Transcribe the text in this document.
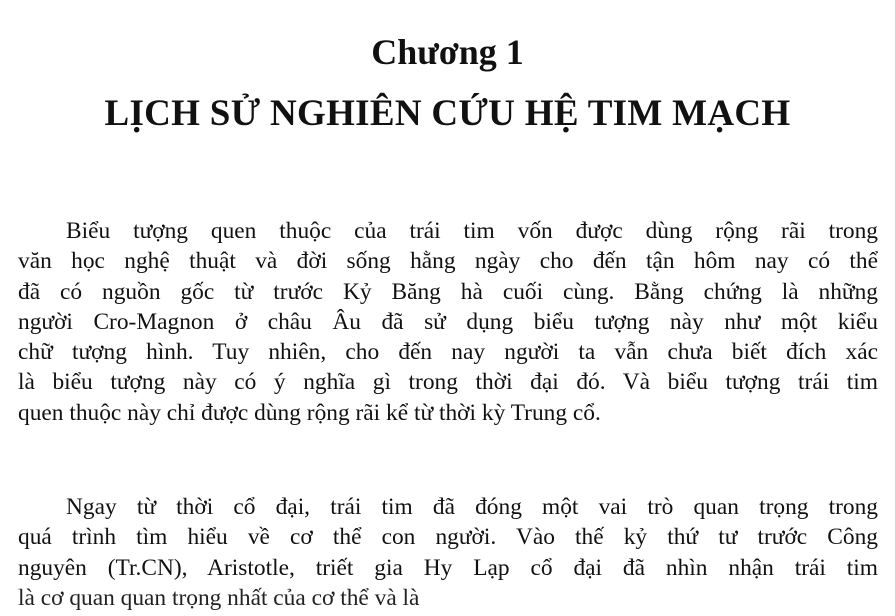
Chương 1
LỊCH SỬ NGHIÊN CỨU HỆ TIM MẠCH
Biểu tượng quen thuộc của trái tim vốn được dùng rộng rãi trong
văn học nghệ thuật và đời sống hằng ngày cho đến tận hôm nay có thể
đã có nguồn gốc từ trước Kỷ Băng hà cuối cùng. Bằng chứng là những
người Cro-Magnon ở châu Âu đã sử dụng biểu tượng này như một kiểu
chữ tượng hình. Tuy nhiên, cho đến nay người ta vẫn chưa biết đích xác
là biểu tượng này có ý nghĩa gì trong thời đại đó. Và biểu tượng trái tim
quen thuộc này chỉ được dùng rộng rãi kể từ thời kỳ Trung cổ.
Ngay từ thời cổ đại, trái tim đã đóng một vai trò quan trọng trong
quá trình tìm hiểu về cơ thể con người. Vào thế kỷ thứ tư trước Công
nguyên (Tr.CN), Aristotle, triết gia Hy Lạp cổ đại đã nhìn nhận trái tim
là cơ quan quan trọng nhất của cơ thể và là
